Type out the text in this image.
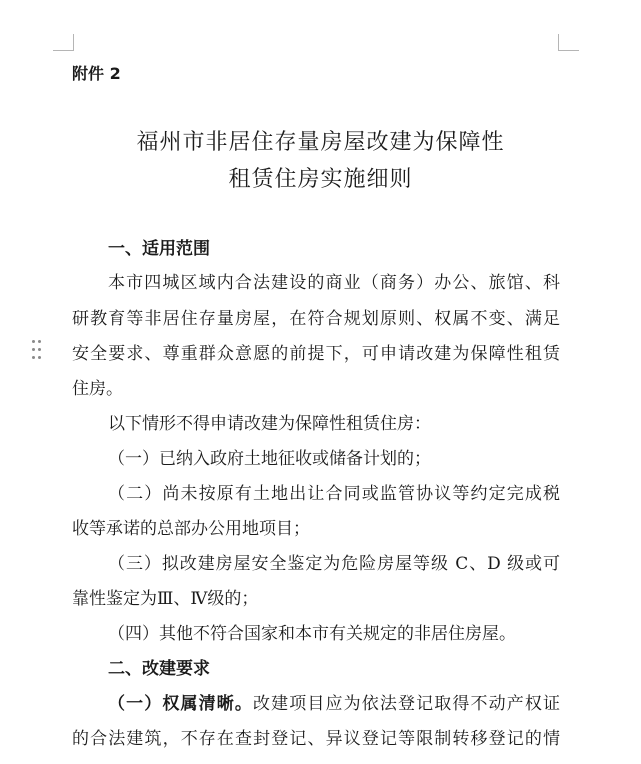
附件 2
福州市非居住存量房屋改建为保障性
租赁住房实施细则
一、适用范围
本市四城区域内合法建设的商业（商务）办公、旅馆、科
研教育等非居住存量房屋，在符合规划原则、权属不变、满足
安全要求、尊重群众意愿的前提下，可申请改建为保障性租赁
住房。
以下情形不得申请改建为保障性租赁住房：
（一）已纳入政府土地征收或储备计划的；
（二）尚未按原有土地出让合同或监管协议等约定完成税
收等承诺的总部办公用地项目；
（三）拟改建房屋安全鉴定为危险房屋等级 C、D 级或可
靠性鉴定为Ⅲ、Ⅳ级的；
（四）其他不符合国家和本市有关规定的非居住房屋。
二、改建要求
（一）权属清晰。改建项目应为依法登记取得不动产权证
的合法建筑，不存在查封登记、异议登记等限制转移登记的情
